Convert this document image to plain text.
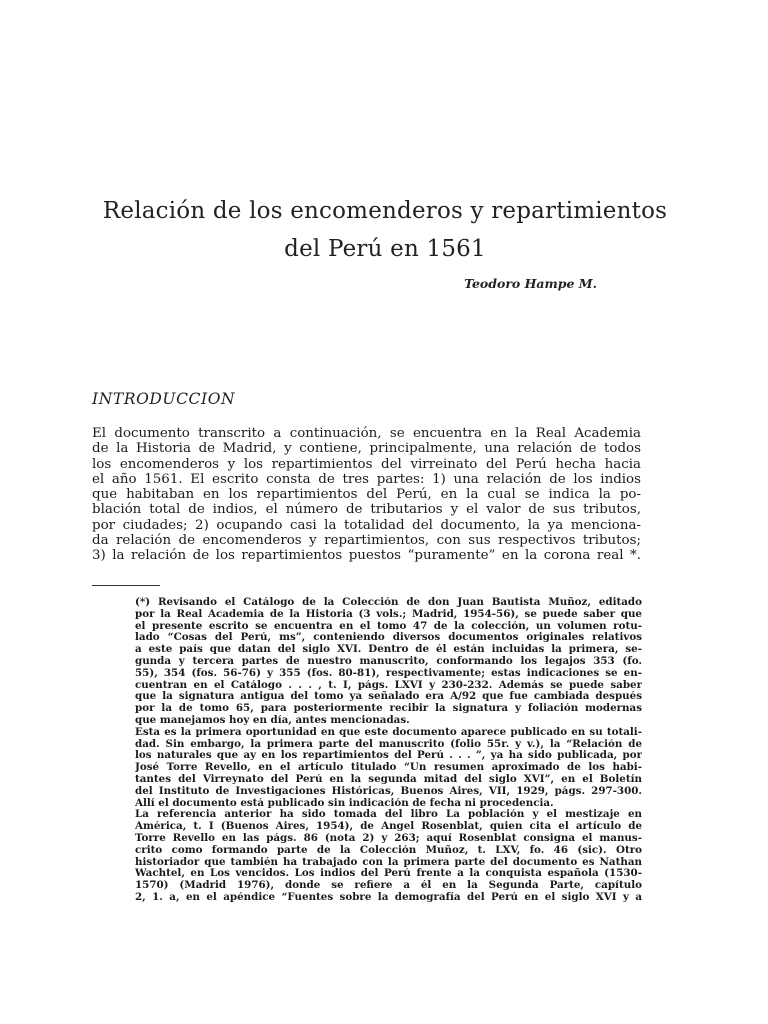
Relación de los encomenderos y repartimientos
del Perú en 1561
Teodoro Hampe M.
INTRODUCCION
El documento transcrito a continuación, se encuentra en la Real Academia
de la Historia de Madrid, y contiene, principalmente, una relación de todos
los encomenderos y los repartimientos del virreinato del Perú hecha hacia
el año 1561. El escrito consta de tres partes: 1) una relación de los indios
que habitaban en los repartimientos del Perú, en la cual se indica la po-
blación total de indios, el número de tributarios y el valor de sus tributos,
por ciudades; 2) ocupando casi la totalidad del documento, la ya menciona-
da relación de encomenderos y repartimientos, con sus respectivos tributos;
3) la relación de los repartimientos puestos “puramente” en la corona real *.
(*) Revisando el Catálogo de la Colección de don Juan Bautista Muñoz, editado
por la Real Academia de la Historia (3 vols.; Madrid, 1954-56), se puede saber que
el presente escrito se encuentra en el tomo 47 de la colección, un volumen rotu-
lado “Cosas del Perú, ms”, conteniendo diversos documentos originales relativos
a este país que datan del siglo XVI. Dentro de él están incluidas la primera, se-
gunda y tercera partes de nuestro manuscrito, conformando los legajos 353 (fo.
55), 354 (fos. 56-76) y 355 (fos. 80-81), respectivamente; estas indicaciones se en-
cuentran en el Catálogo . . . , t. I, págs. LXVI y 230-232. Además se puede saber
que la signatura antigua del tomo ya señalado era A/92 que fue cambiada después
por la de tomo 65, para posteriormente recibir la signatura y foliación modernas
que manejamos hoy en día, antes mencionadas.
Esta es la primera oportunidad en que este documento aparece publicado en su totali-
dad. Sin embargo, la primera parte del manuscrito (folio 55r. y v.), la “Relación de
los naturales que ay en los repartimientos del Perú . . . ”, ya ha sido publicada, por
José Torre Revello, en el artículo titulado “Un resumen aproximado de los habi-
tantes del Virreynato del Perú en la segunda mitad del siglo XVI”, en el Boletín
del Instituto de Investigaciones Históricas, Buenos Aires, VII, 1929, págs. 297-300.
Allí el documento está publicado sin indicación de fecha ni procedencia.
La referencia anterior ha sido tomada del libro La población y el mestizaje en
América, t. I (Buenos Aires, 1954), de Angel Rosenblat, quien cita el artículo de
Torre Revello en las págs. 86 (nota 2) y 263; aquí Rosenblat consigna el manus-
crito como formando parte de la Colección Muñoz, t. LXV, fo. 46 (sic). Otro
historiador que también ha trabajado con la primera parte del documento es Nathan
Wachtel, en Los vencidos. Los indios del Perú frente a la conquista española (1530-
1570) (Madrid 1976), donde se refiere a él en la Segunda Parte, capítulo
2, 1. a, en el apéndice “Fuentes sobre la demografía del Perú en el siglo XVI y a
